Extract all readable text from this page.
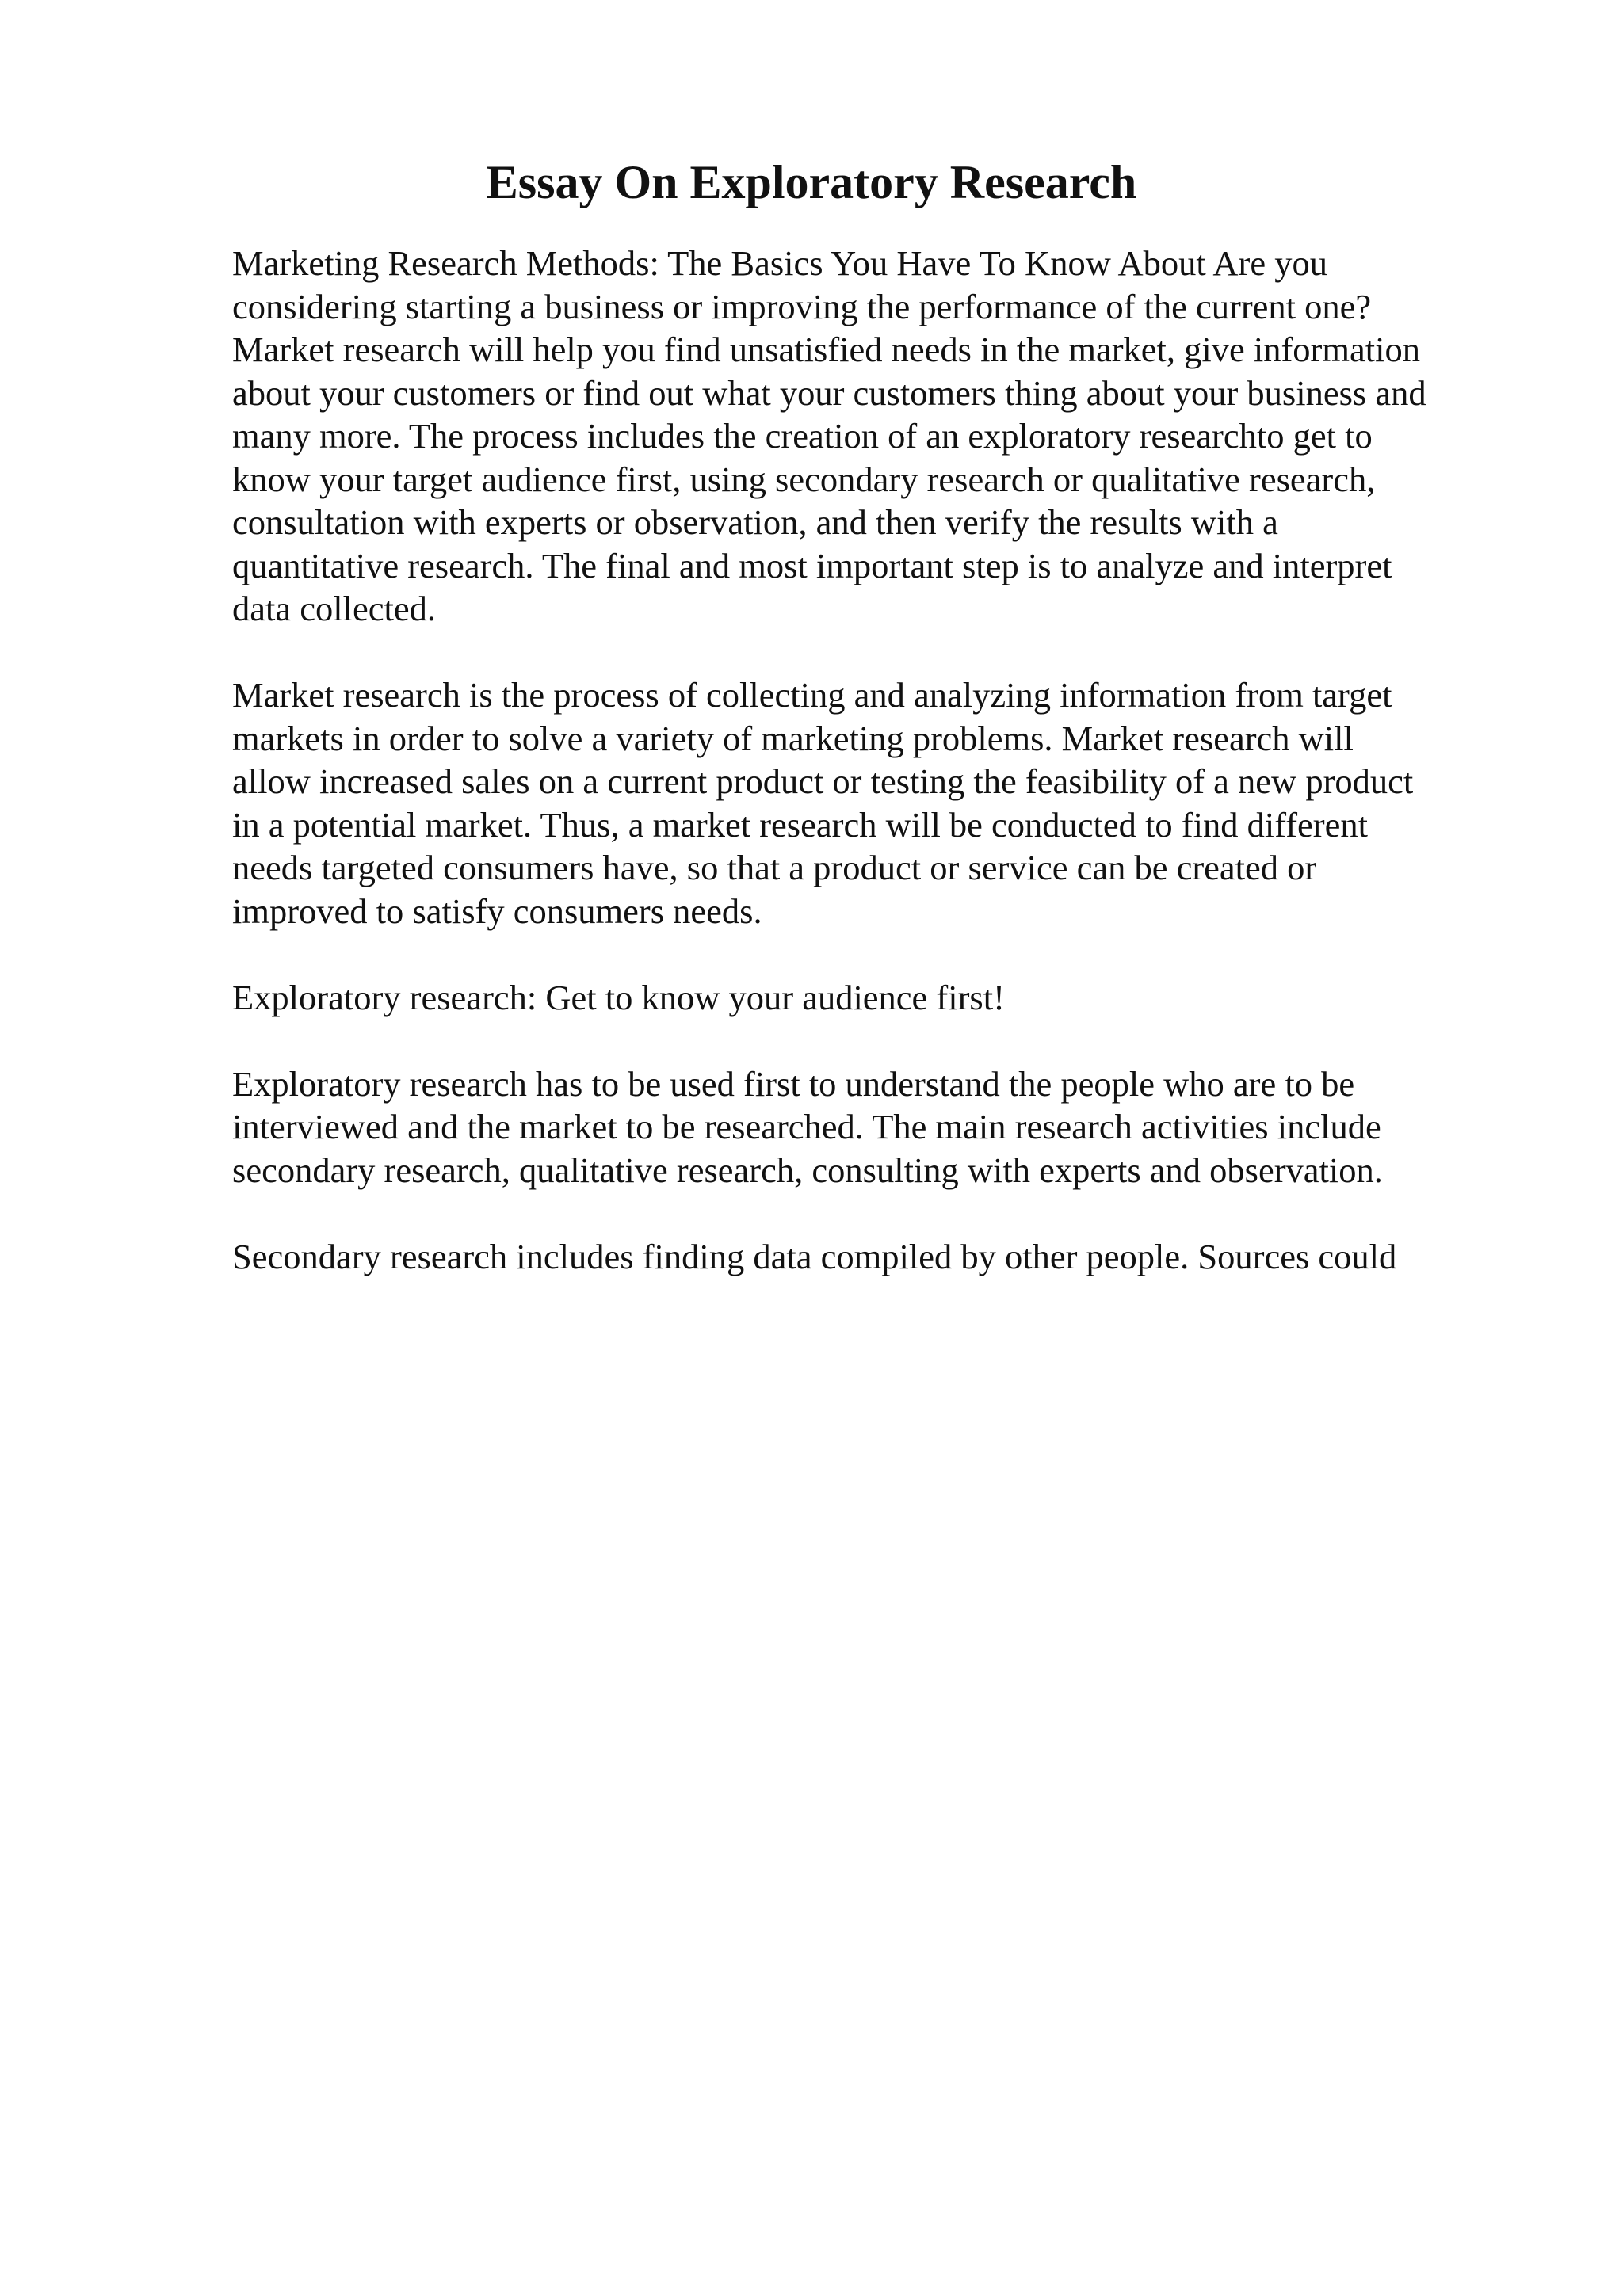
Essay On Exploratory Research

Marketing Research Methods: The Basics You Have To Know About Are you
considering starting a business or improving the performance of the current one?
Market research will help you find unsatisfied needs in the market, give information
about your customers or find out what your customers thing about your business and
many more. The process includes the creation of an exploratory researchto get to
know your target audience first, using secondary research or qualitative research,
consultation with experts or observation, and then verify the results with a
quantitative research. The final and most important step is to analyze and interpret
data collected.

Market research is the process of collecting and analyzing information from target
markets in order to solve a variety of marketing problems. Market research will
allow increased sales on a current product or testing the feasibility of a new product
in a potential market. Thus, a market research will be conducted to find different
needs targeted consumers have, so that a product or service can be created or
improved to satisfy consumers needs.

Exploratory research: Get to know your audience first!

Exploratory research has to be used first to understand the people who are to be
interviewed and the market to be researched. The main research activities include
secondary research, qualitative research, consulting with experts and observation.

Secondary research includes finding data compiled by other people. Sources could
